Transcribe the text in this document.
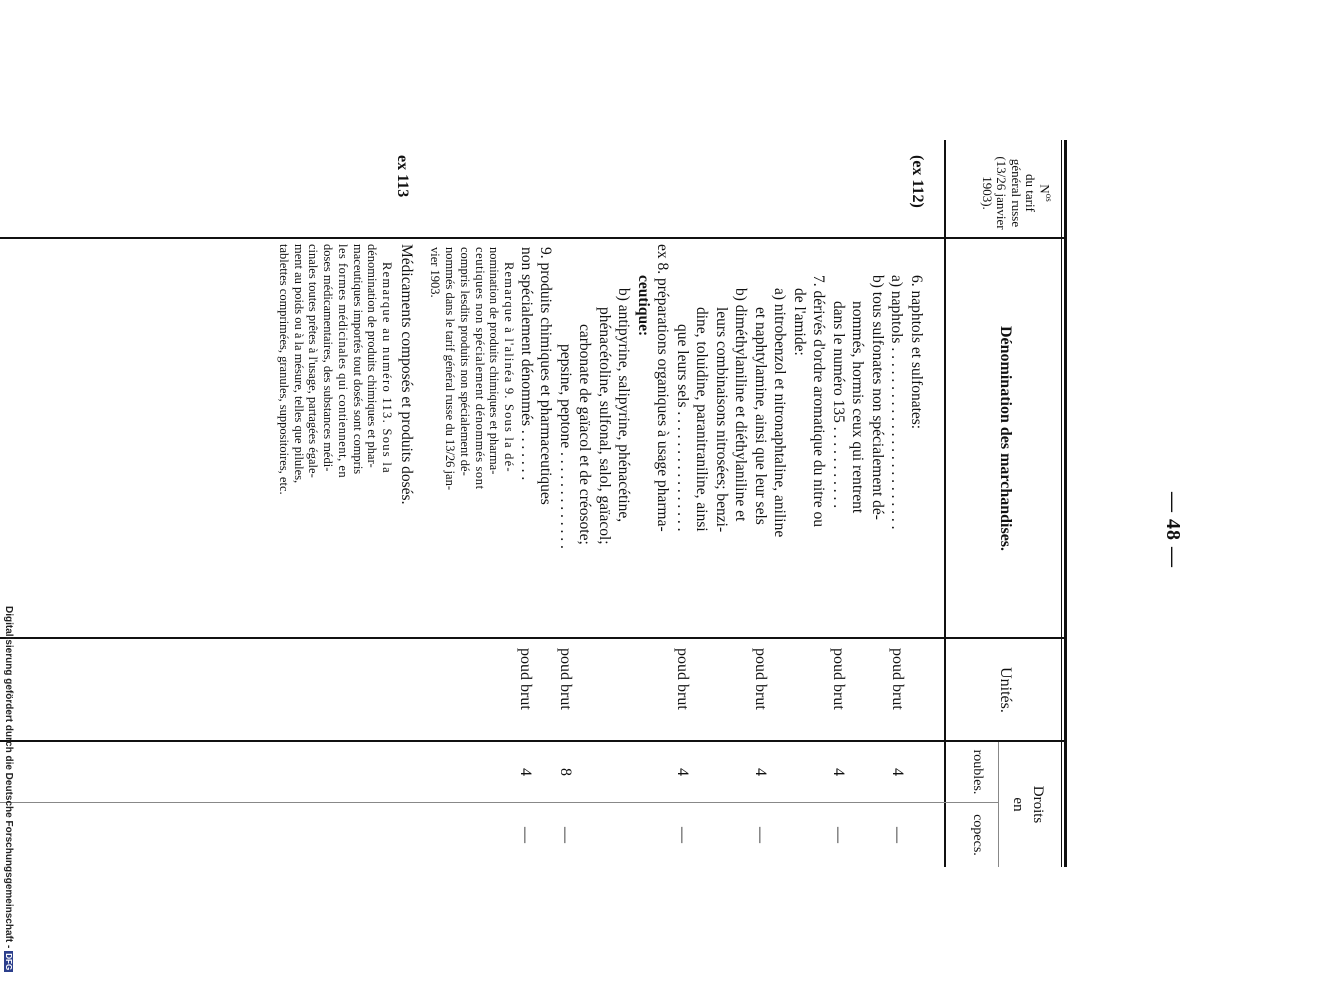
— 48 —
$N^{os}$
du tarif
général russe
(13/26 janvier
1903).
Dénomination des marchandises.
Unités.
Droits
en
roubles.
copecs.
(ex 112)
ex 113
6. naphtols et sulfonates:
a) naphtols . . . . . . . . . . . . . . . . . . . . . . . .
b) tous sulfonates non spécialement dé-
nommés, hormis ceux qui rentrent
dans le numéro 135 . . . . . . . . . . .
7. dérivés d'ordre aromatique du nitre ou
de l'amide:
a) nitrobenzol et nitronaphtaline, aniline
et naphtylamine, ainsi que leur sels
b) diméthylaniline et diéthylaniline et
leurs combinaisons nitrosées; benzi-
dine, toluidine, paranitraniline, ainsi
que leurs sels . . . . . . . . . . . . . . . .
ex 8. préparations organiques à usage pharma-
ceutique:
b) antipyrine, salipyrine, phénacétine,
phénacétoline, sulfonal, salol, gaïacol;
carbonate de gaïacol et de créosote;
pepsine, peptone . . . . . . . . . . . . .
9. produits chimiques et pharmaceutiques
non spécialement dénommés . . . . . . .
Remarque à l'alinéa 9. Sous la dé-
nomination de produits chimiques et pharma-
ceutiques non spécialement dénommés sont
compris lesdits produits non spécialement dé-
nommés dans le tarif général russe du 13/26 jan-
vier 1903.
Médicaments composés et produits dosés.
Remarque au numéro 113. Sous la
dénomination de produits chimiques et phar-
maceutiques importés tout dosés sont compris
les formes médicinales qui contiennent, en
doses médicamentaires, des substances médi-
cinales toutes prêtes à l'usage, partagées égale-
ment au poids ou à la mésure, telles que pilules,
tablettes comprimées, granules, suppositoires, etc.
poud brut
poud brut
poud brut
poud brut
poud brut
poud brut
4
4
4
4
8
4
—
—
—
—
—
—
Digitalisierung gefördert durch die Deutsche Forschungsgemeinschaft -DFG
